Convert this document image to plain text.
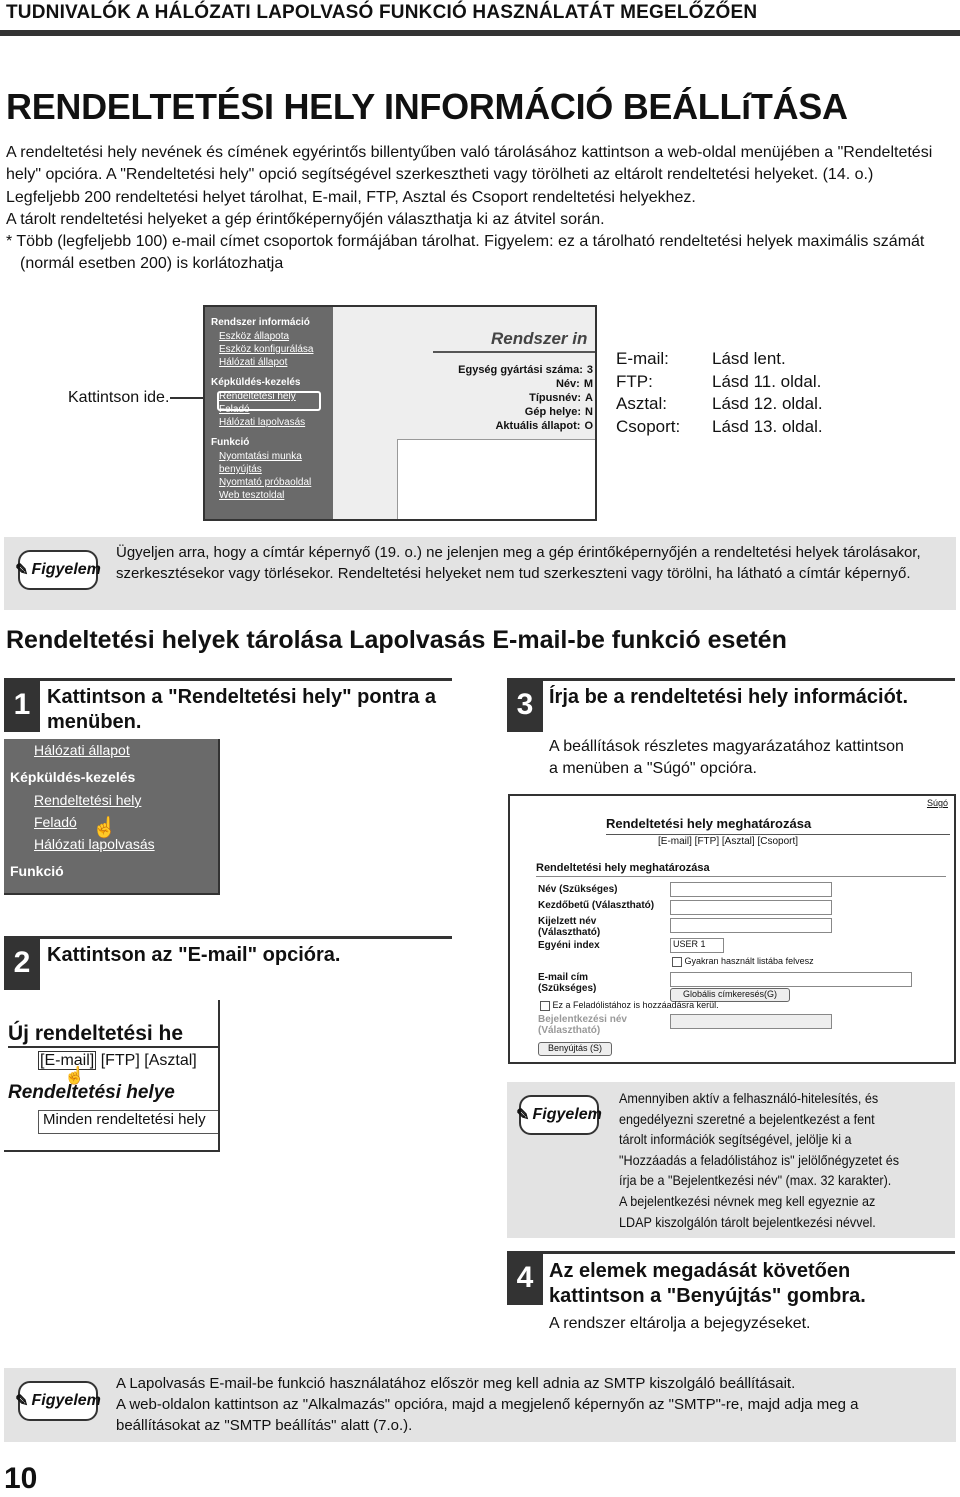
TUDNIVALÓK A HÁLÓZATI LAPOLVASÓ FUNKCIÓ HASZNÁLATÁT MEGELŐZŐEN
RENDELTETÉSI HELY INFORMÁCIÓ BEÁLLíTÁSA

A rendeltetési hely nevének és címének egyérintős billentyűben való tárolásához kattintson a web-oldal menüjében a "Rendeltetési hely" opcióra. A "Rendeltetési hely" opció segítségével szerkesztheti vagy törölheti az eltárolt rendeltetési helyeket. (14. o.)

Legfeljebb 200 rendeltetési helyet tárolhat, E-mail, FTP, Asztal és Csoport rendeltetési helyekhez.

A tárolt rendeltetési helyeket a gép érintőképernyőjén választhatja ki az átvitel során.

* Több (legfeljebb 100) e-mail címet csoportok formájában tárolhat. Figyelem: ez a tárolható rendeltetési helyek maximális számát (normál esetben 200) is korlátozhatja

Kattintson ide.
Rendszer információ
Eszköz állapota
Eszköz konfigurálása
Hálózati állapot
Képküldés-kezelés
Rendeltetési hely
Feladó
Hálózati lapolvasás
Funkció
Nyomtatási munka
benyújtás
Nyomtató próbaoldal
Web tesztoldal
Rendszer in
Egység gyártási száma: 3
Név: M
Típusnév: A
Gép helye: N
Aktuális állapot: O
E-mail:	Lásd lent.
FTP:	Lásd 11. oldal.
Asztal:	Lásd 12. oldal.
Csoport:	Lásd 13. oldal.
✎ Figyelem
Ügyeljen arra, hogy a címtár képernyő (19. o.) ne jelenjen meg a gép érintőképernyőjén a rendeltetési helyek tárolásakor, szerkesztésekor vagy törlésekor. Rendeltetési helyeket nem tud szerkeszteni vagy törölni, ha látható a címtár képernyő.
Rendeltetési helyek tárolása Lapolvasás E-mail-be funkció esetén
1 Kattintson a "Rendeltetési hely" pontra a menüben.
Hálózati állapot
Képküldés-kezelés
Rendeltetési hely
Feladó
Hálózati lapolvasás
Funkció
☝
2 Kattintson az "E-mail" opcióra.
Új rendeltetési he
[E-mail] [FTP] [Asztal]
☝
Rendeltetési helye
Minden rendeltetési hely
3 Írja be a rendeltetési hely információt.
A beállítások részletes magyarázatához kattintson a menüben a "Súgó" opcióra.
Súgó
Rendeltetési hely meghatározása
[E-mail] [FTP] [Asztal] [Csoport]
Rendeltetési hely meghatározása
Név (Szükséges)
Kezdőbetű (Választható)
Kijelzett név (Választható)
Egyéni index	USER 1
Gyakran használt listába felvesz
E-mail cím (Szükséges)	Globális címkeresés(G)
Ez a Feladólistához is hozzáadásra kerül.
Bejelentkezési név (Választható)
Benyújtás (S)
✎ Figyelem
Amennyiben aktív a felhasználó-hitelesítés, és
engedélyezni szeretné a bejelentkezést a fent
tárolt információk segítségével, jelölje ki a
"Hozzáadás a feladólistához is" jelölőnégyzetet és
írja be a "Bejelentkezési név" (max. 32 karakter).
A bejelentkezési névnek meg kell egyeznie az
LDAP kiszolgálón tárolt bejelentkezési névvel.
4 Az elemek megadását követően kattintson a "Benyújtás" gombra.
A rendszer eltárolja a bejegyzéseket.
✎ Figyelem
A Lapolvasás E-mail-be funkció használatához először meg kell adnia az SMTP kiszolgáló beállításait.
A web-oldalon kattintson az "Alkalmazás" opcióra, majd a megjelenő képernyőn az "SMTP"-re, majd adja meg a beállításokat az "SMTP beállítás" alatt (7.o.).
10
